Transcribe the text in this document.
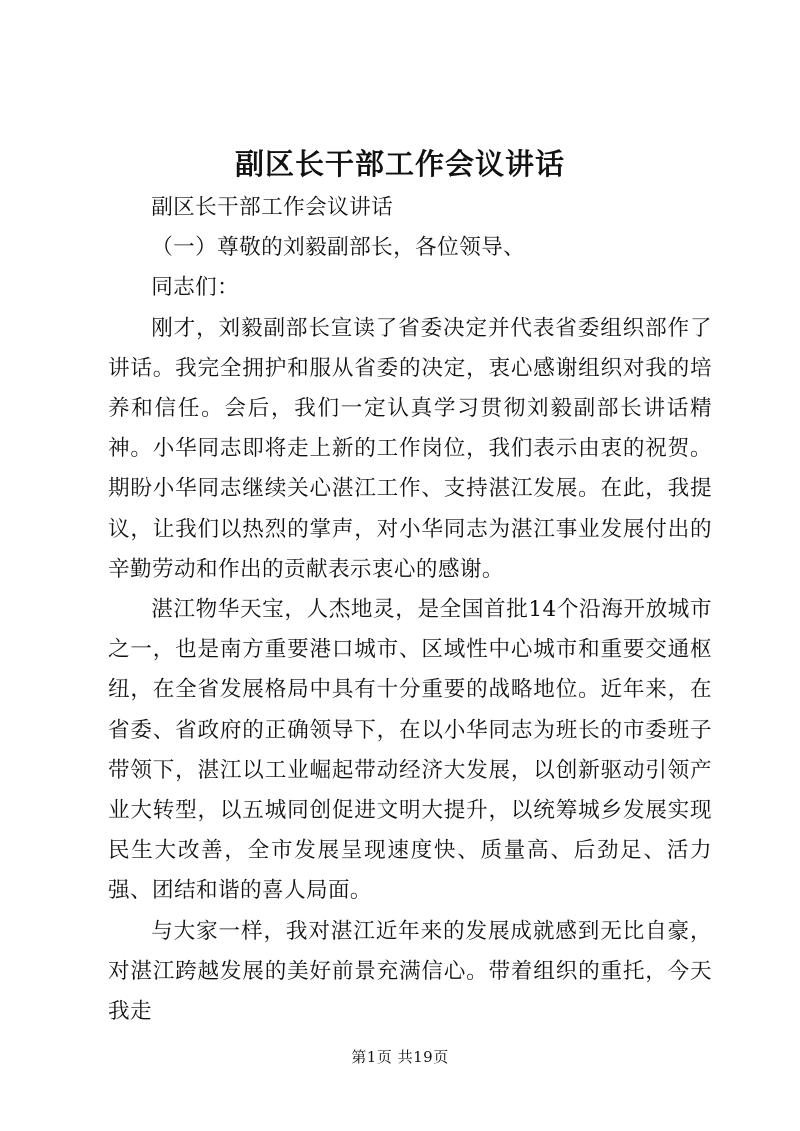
副区长干部工作会议讲话

副区长干部工作会议讲话

（一）尊敬的刘毅副部长，各位领导、

同志们：

刚才，刘毅副部长宣读了省委决定并代表省委组织部作了讲话。我完全拥护和服从省委的决定，衷心感谢组织对我的培养和信任。会后，我们一定认真学习贯彻刘毅副部长讲话精神。小华同志即将走上新的工作岗位，我们表示由衷的祝贺。期盼小华同志继续关心湛江工作、支持湛江发展。在此，我提议，让我们以热烈的掌声，对小华同志为湛江事业发展付出的辛勤劳动和作出的贡献表示衷心的感谢。

湛江物华天宝，人杰地灵，是全国首批14个沿海开放城市之一，也是南方重要港口城市、区域性中心城市和重要交通枢纽，在全省发展格局中具有十分重要的战略地位。近年来，在省委、省政府的正确领导下，在以小华同志为班长的市委班子带领下，湛江以工业崛起带动经济大发展，以创新驱动引领产业大转型，以五城同创促进文明大提升，以统筹城乡发展实现民生大改善，全市发展呈现速度快、质量高、后劲足、活力强、团结和谐的喜人局面。

与大家一样，我对湛江近年来的发展成就感到无比自豪，对湛江跨越发展的美好前景充满信心。带着组织的重托，今天我走

第1页 共19页
